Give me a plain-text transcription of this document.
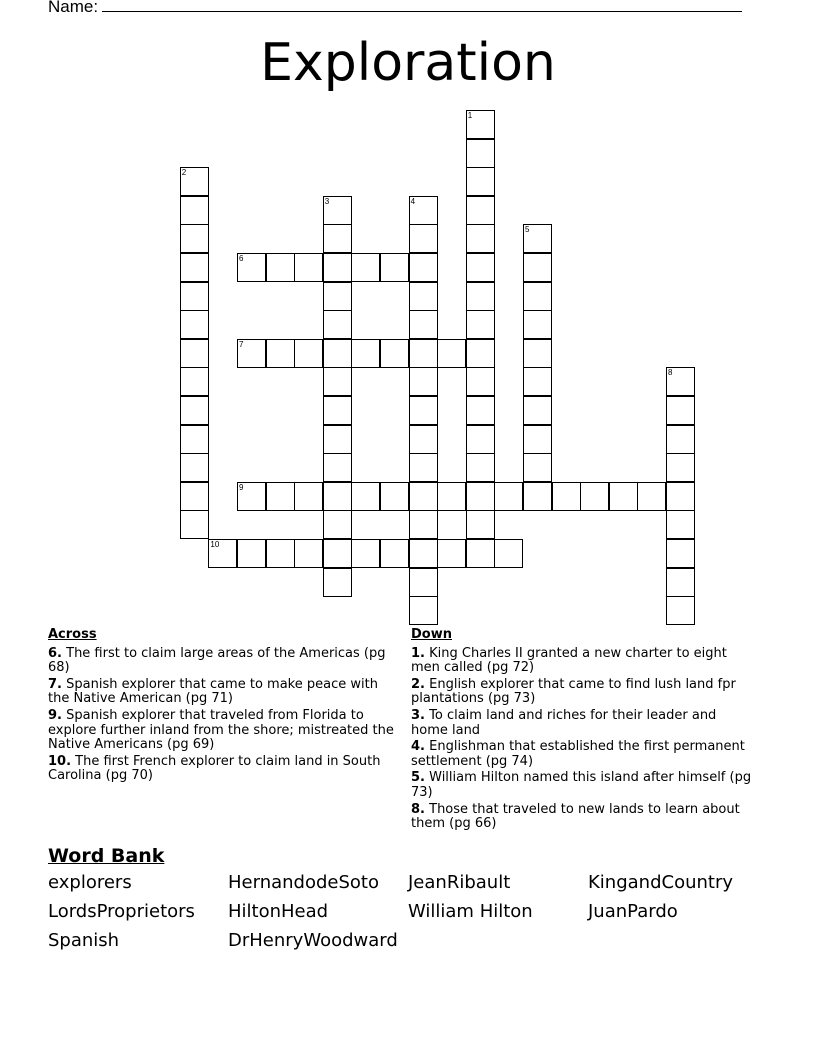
Name:
Exploration
1
2
3	4
5
6
7
8
9
10
Across
6. The first to claim large areas of the Americas (pg 68)
7. Spanish explorer that came to make peace with the Native American (pg 71)
9. Spanish explorer that traveled from Florida to explore further inland from the shore; mistreated the Native Americans (pg 69)
10. The first French explorer to claim land in South Carolina (pg 70)
Down
1. King Charles II granted a new charter to eight men called (pg 72)
2. English explorer that came to find lush land fpr plantations (pg 73)
3. To claim land and riches for their leader and home land
4. Englishman that established the first permanent settlement (pg 74)
5. William Hilton named this island after himself (pg 73)
8. Those that traveled to new lands to learn about them (pg 66)
Word Bank
explorers	HernandodeSoto	JeanRibault	KingandCountry
LordsProprietors	HiltonHead	William Hilton	JuanPardo
Spanish	DrHenryWoodward
